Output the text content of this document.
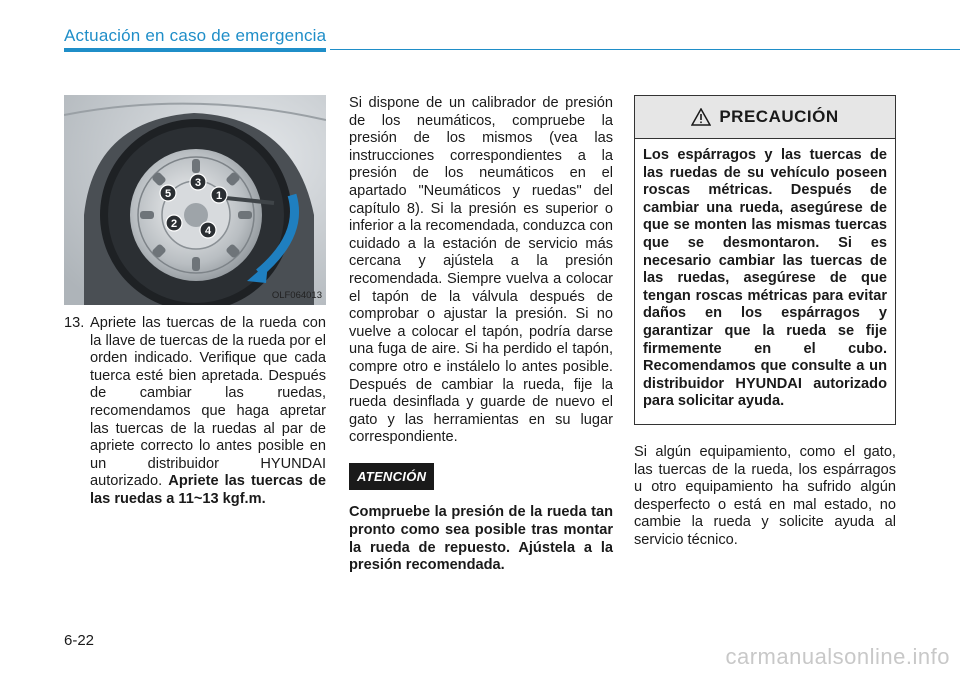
Actuación en caso de emergencia
1
2
3
4
5
OLF064013
13. Apriete las tuercas de la rueda con la llave de tuercas de la rueda por el orden indicado. Verifique que cada tuerca esté bien apretada. Después de cambiar las ruedas, recomendamos que haga apretar las tuercas de la ruedas al par de apriete correcto lo antes posible en un distribuidor HYUNDAI autorizado. Apriete las tuercas de las ruedas a 11~13 kgf.m.

Si dispone de un calibrador de presión de los neumáticos, compruebe la presión de los mismos (vea las instrucciones correspondientes a la presión de los neumáticos en el apartado "Neumáticos y ruedas" del capítulo 8). Si la presión es superior o inferior a la recomendada, conduzca con cuidado a la estación de servicio más cercana y ajústela a la presión recomendada. Siempre vuelva a colocar el tapón de la válvula después de comprobar o ajustar la presión. Si no vuelve a colocar el tapón, podría darse una fuga de aire. Si ha perdido el tapón, compre otro e instálelo lo antes posible. Después de cambiar la rueda, fije la rueda desinflada y guarde de nuevo el gato y las herramientas en su lugar correspondiente.

ATENCIÓN

Compruebe la presión de la rueda tan pronto como sea posible tras montar la rueda de repuesto. Ajústela a la presión recomendada.

PRECAUCIÓN
Los espárragos y las tuercas de las ruedas de su vehículo poseen roscas métricas. Después de cambiar una rueda, asegúrese de que se monten las mismas tuercas que se desmontaron. Si es necesario cambiar las tuercas de las ruedas, asegúrese de que tengan roscas métricas para evitar daños en los espárragos y garantizar que la rueda se fije firmemente en el cubo. Recomendamos que consulte a un distribuidor HYUNDAI autorizado para solicitar ayuda.

Si algún equipamiento, como el gato, las tuercas de la rueda, los espárragos u otro equipamiento ha sufrido algún desperfecto o está en mal estado, no cambie la rueda y solicite ayuda al servicio técnico.

6-22
carmanualsonline.info
